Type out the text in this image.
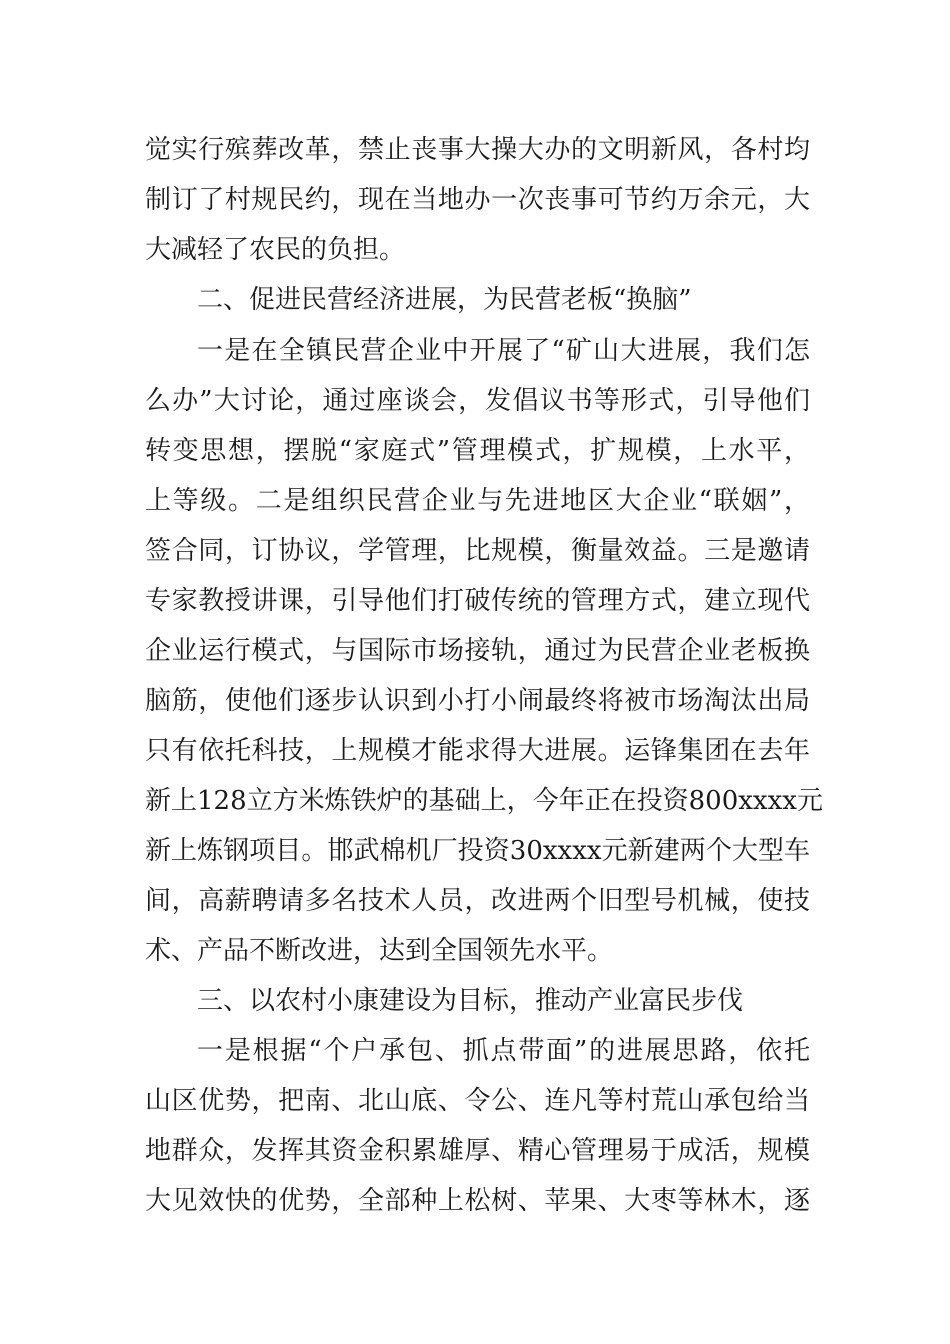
觉实行殡葬改革，禁止丧事大操大办的文明新风，各村均
制订了村规民约，现在当地办一次丧事可节约万余元，大
大减轻了农民的负担。
二、促进民营经济进展，为民营老板“换脑”
一是在全镇民营企业中开展了“矿山大进展，我们怎
么办”大讨论，通过座谈会，发倡议书等形式，引导他们
转变思想，摆脱“家庭式”管理模式，扩规模，上水平，
上等级。二是组织民营企业与先进地区大企业“联姻”，
签合同，订协议，学管理，比规模，衡量效益。三是邀请
专家教授讲课，引导他们打破传统的管理方式，建立现代
企业运行模式，与国际市场接轨，通过为民营企业老板换
脑筋，使他们逐步认识到小打小闹最终将被市场淘汰出局
只有依托科技，上规模才能求得大进展。运锋集团在去年
新上128立方米炼铁炉的基础上，今年正在投资800xxxx元
新上炼钢项目。邯武棉机厂投资30xxxx元新建两个大型车
间，高薪聘请多名技术人员，改进两个旧型号机械，使技
术、产品不断改进，达到全国领先水平。
三、以农村小康建设为目标，推动产业富民步伐
一是根据“个户承包、抓点带面”的进展思路，依托
山区优势，把南、北山底、令公、连凡等村荒山承包给当
地群众，发挥其资金积累雄厚、精心管理易于成活，规模
大见效快的优势，全部种上松树、苹果、大枣等林木，逐
